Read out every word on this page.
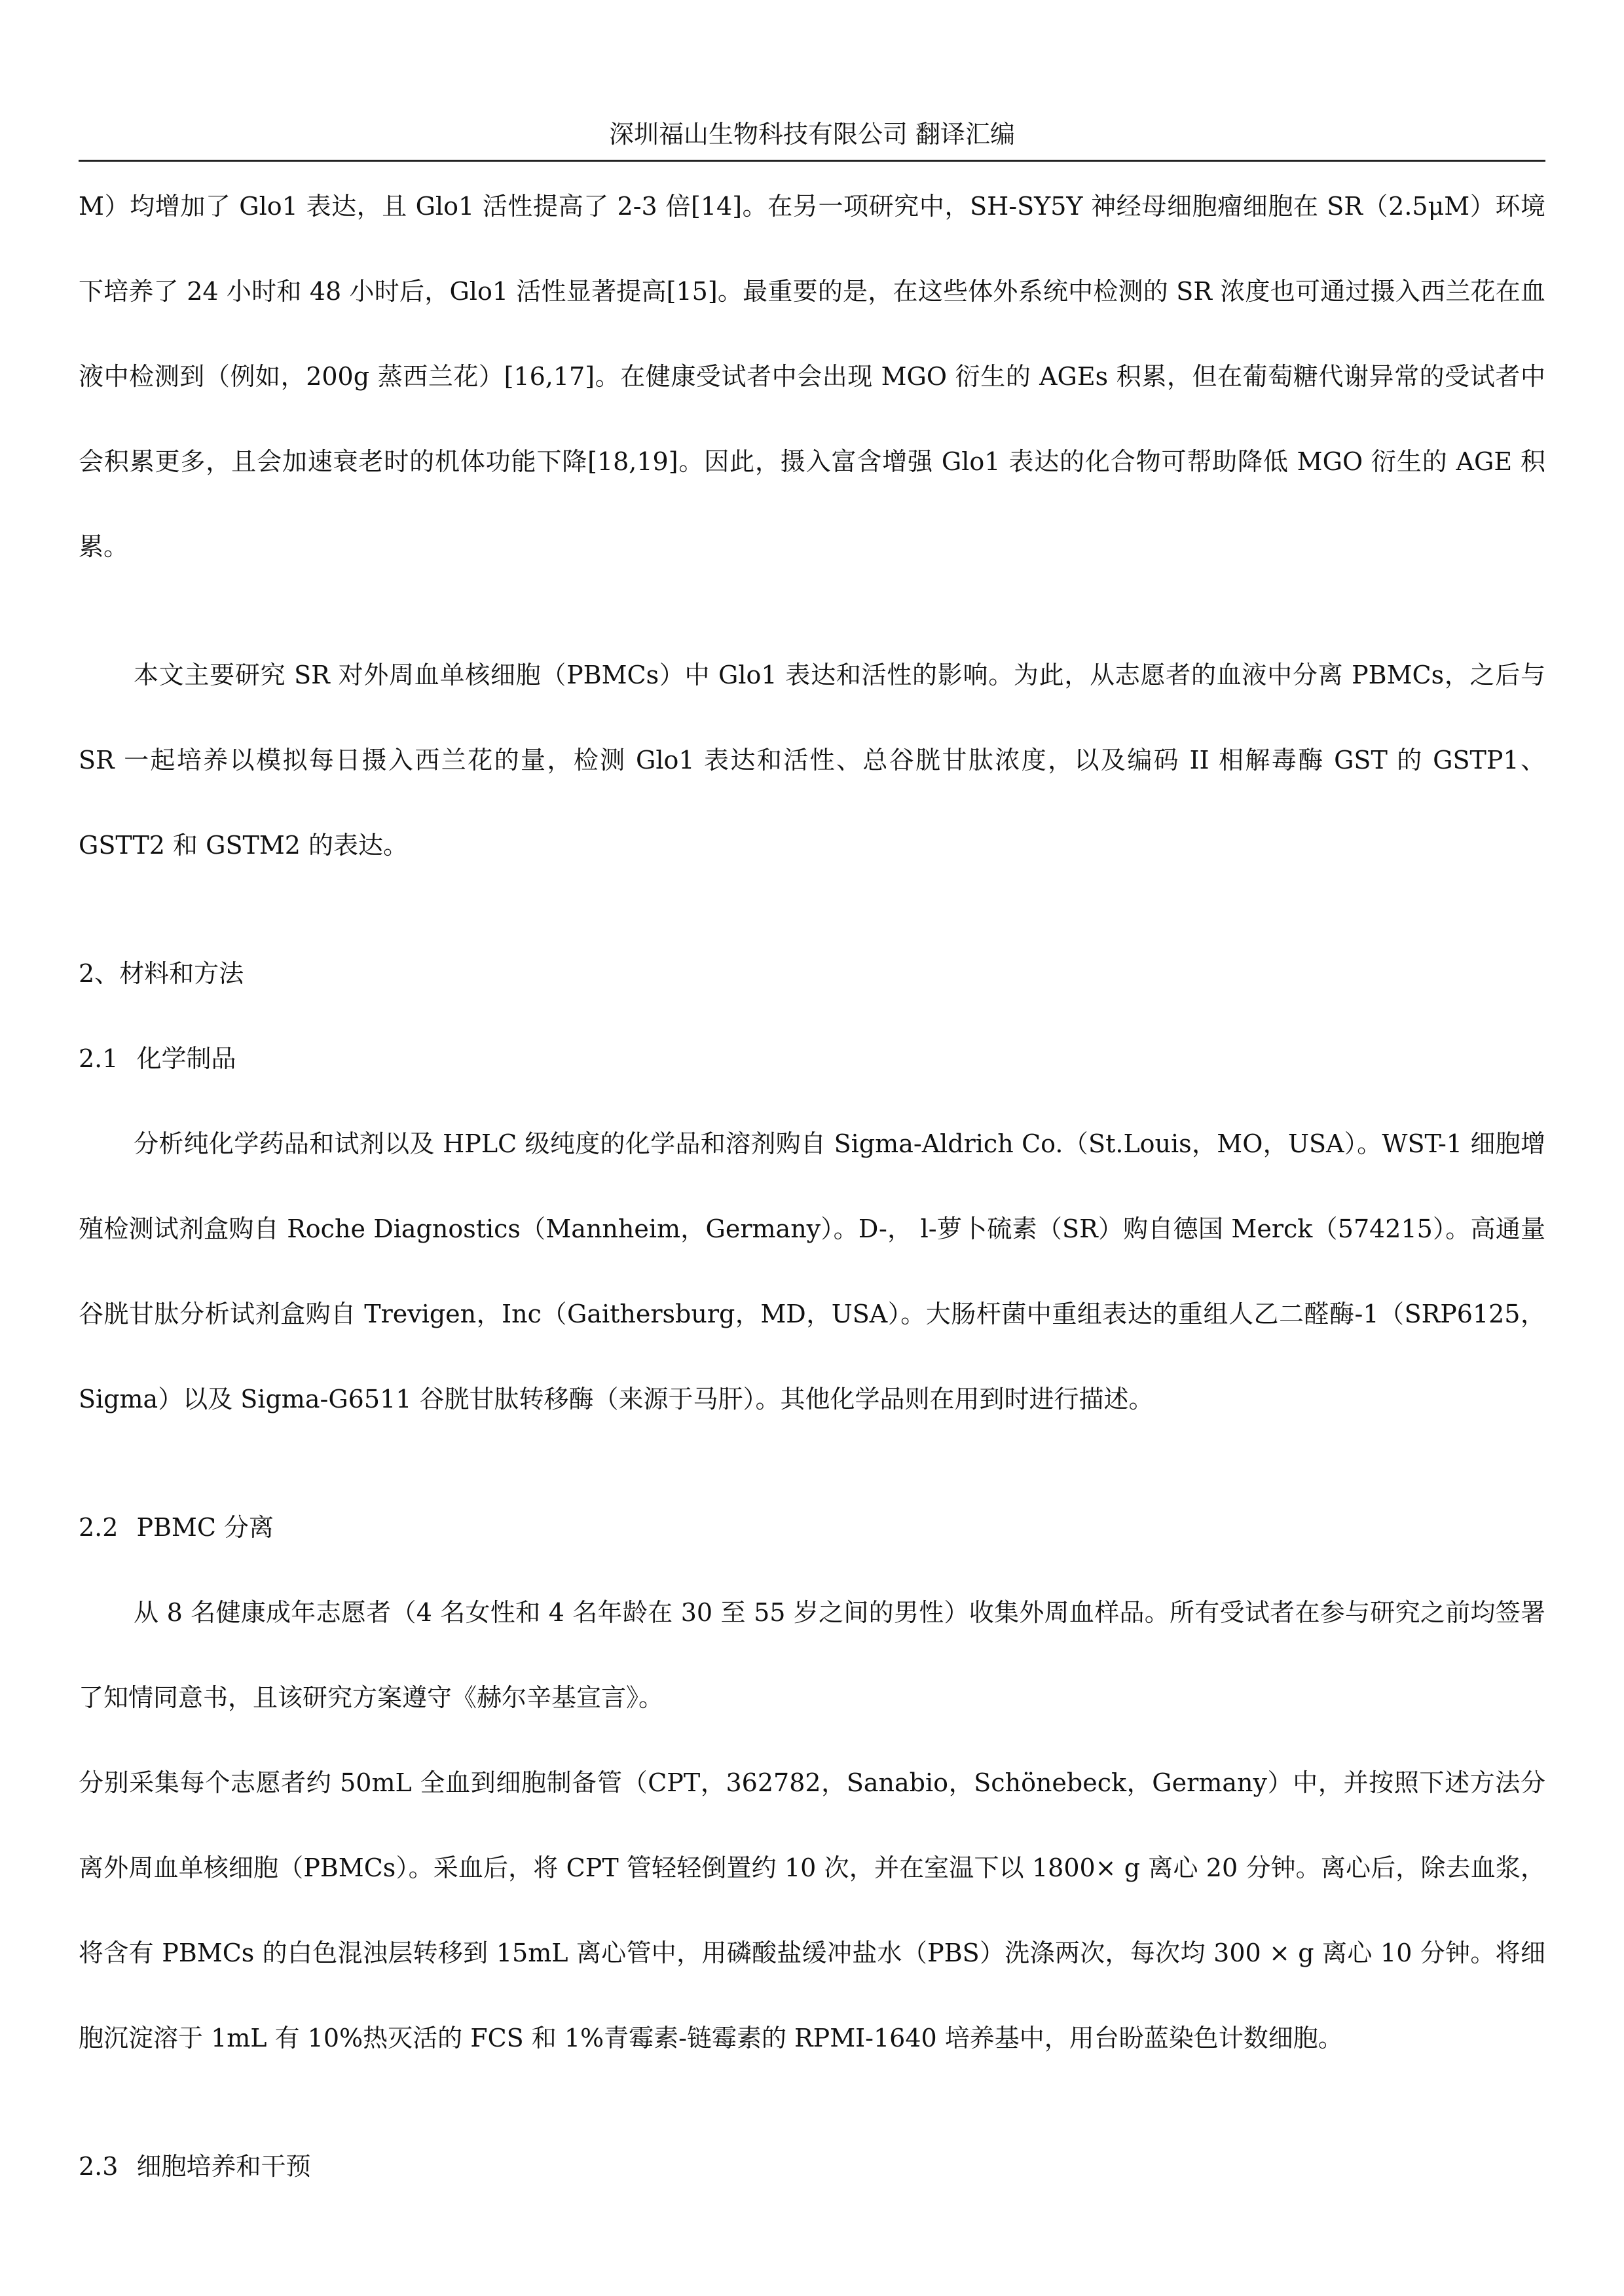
深圳福山生物科技有限公司 翻译汇编

M）均增加了 Glo1 表达，且 Glo1 活性提高了 2-3 倍[14]。在另一项研究中，SH-SY5Y 神经母细胞瘤细胞在 SR（2.5μM）环境下培养了 24 小时和 48 小时后，Glo1 活性显著提高[15]。最重要的是，在这些体外系统中检测的 SR 浓度也可通过摄入西兰花在血液中检测到（例如，200g 蒸西兰花）[16,17]。在健康受试者中会出现 MGO 衍生的 AGEs 积累，但在葡萄糖代谢异常的受试者中会积累更多，且会加速衰老时的机体功能下降[18,19]。因此，摄入富含增强 Glo1 表达的化合物可帮助降低 MGO 衍生的 AGE 积累。

本文主要研究 SR 对外周血单核细胞（PBMCs）中 Glo1 表达和活性的影响。为此，从志愿者的血液中分离 PBMCs，之后与 SR 一起培养以模拟每日摄入西兰花的量，检测 Glo1 表达和活性、总谷胱甘肽浓度，以及编码 II 相解毒酶 GST 的 GSTP1、GSTT2 和 GSTM2 的表达。

2、材料和方法

2.1 化学制品

分析纯化学药品和试剂以及 HPLC 级纯度的化学品和溶剂购自 Sigma-Aldrich Co.（St.Louis，MO，USA）。WST-1 细胞增殖检测试剂盒购自 Roche Diagnostics（Mannheim，Germany）。D-， l-萝卜硫素（SR）购自德国 Merck（574215）。高通量谷胱甘肽分析试剂盒购自 Trevigen，Inc（Gaithersburg，MD，USA）。大肠杆菌中重组表达的重组人乙二醛酶-1（SRP6125，Sigma）以及 Sigma-G6511 谷胱甘肽转移酶（来源于马肝）。其他化学品则在用到时进行描述。

2.2 PBMC 分离

从 8 名健康成年志愿者（4 名女性和 4 名年龄在 30 至 55 岁之间的男性）收集外周血样品。所有受试者在参与研究之前均签署了知情同意书，且该研究方案遵守《赫尔辛基宣言》。

分别采集每个志愿者约 50mL 全血到细胞制备管（CPT，362782，Sanabio，Schönebeck，Germany）中，并按照下述方法分离外周血单核细胞（PBMCs）。采血后，将 CPT 管轻轻倒置约 10 次，并在室温下以 1800× g 离心 20 分钟。离心后，除去血浆，将含有 PBMCs 的白色混浊层转移到 15mL 离心管中，用磷酸盐缓冲盐水（PBS）洗涤两次，每次均 300 × g 离心 10 分钟。将细胞沉淀溶于 1mL 有 10%热灭活的 FCS 和 1%青霉素-链霉素的 RPMI-1640 培养基中，用台盼蓝染色计数细胞。

2.3 细胞培养和干预
